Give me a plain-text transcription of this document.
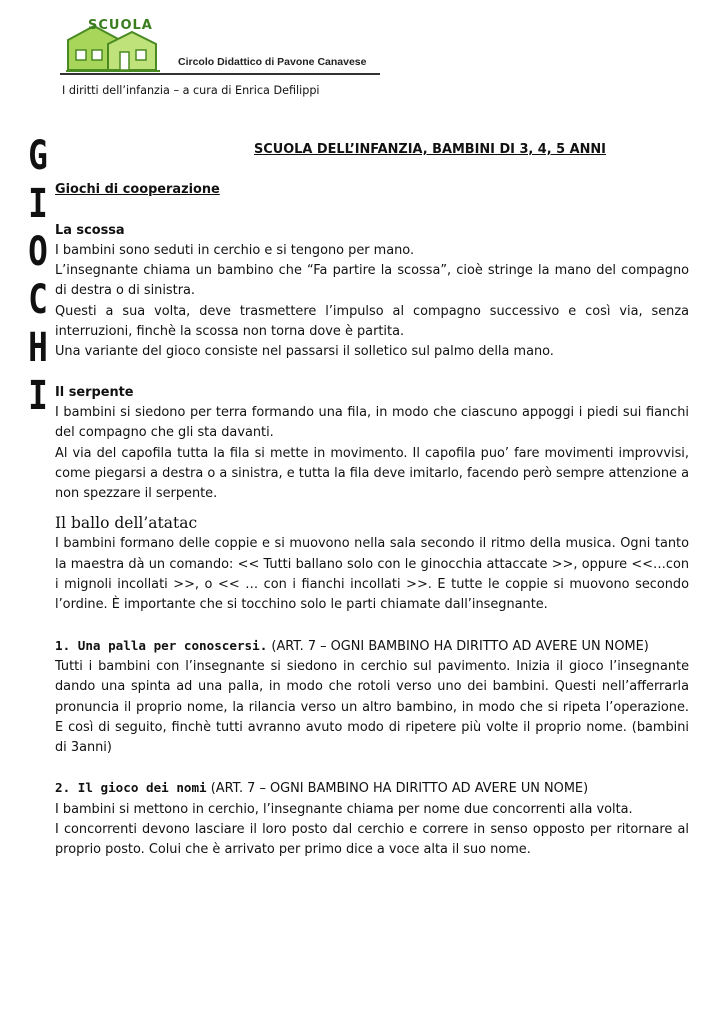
SCUOLA
Circolo Didattico di Pavone Canavese
I diritti dell’infanzia – a cura di Enrica Defilippi
G
I
O
C
H
I
SCUOLA DELL’INFANZIA, BAMBINI DI 3, 4, 5 ANNI
Giochi di cooperazione
La scossa

I bambini sono seduti in cerchio e si tengono per mano.

L’insegnante chiama un bambino che “Fa partire la scossa”, cioè stringe la mano del compagno di destra o di sinistra.

Questi a sua volta, deve trasmettere l’impulso al compagno successivo e così via, senza interruzioni, finchè la scossa non torna dove è partita.

Una variante del gioco consiste nel passarsi il solletico sul palmo della mano.

Il serpente

I bambini si siedono per terra formando una fila, in modo che ciascuno appoggi i piedi sui fianchi del compagno che gli sta davanti.

Al via del capofila tutta la fila si mette in movimento. Il capofila puo’ fare movimenti improvvisi, come piegarsi a destra o a sinistra, e tutta la fila deve imitarlo, facendo però sempre attenzione a non spezzare il serpente.

Il ballo dell’atatac

I bambini formano delle coppie e si muovono nella sala secondo il ritmo della musica. Ogni tanto la maestra dà un comando: << Tutti ballano solo con le ginocchia attaccate >>, oppure <<…con i mignoli incollati >>, o << … con i fianchi incollati >>. E tutte le coppie si muovono secondo l’ordine. È importante che si tocchino solo le parti chiamate dall’insegnante.

1. Una palla per conoscersi. (ART. 7 – OGNI BAMBINO HA DIRITTO AD AVERE UN NOME)

Tutti i bambini con l’insegnante si siedono in cerchio sul pavimento. Inizia il gioco l’insegnante dando una spinta ad una palla, in modo che rotoli verso uno dei bambini. Questi nell’afferrarla pronuncia il proprio nome, la rilancia verso un altro bambino, in modo che si ripeta l’operazione. E così di seguito, finchè tutti avranno avuto modo di ripetere più volte il proprio nome. (bambini di 3anni)

2. Il gioco dei nomi (ART. 7 – OGNI BAMBINO HA DIRITTO AD AVERE UN NOME)

I bambini si mettono in cerchio, l’insegnante chiama per nome due concorrenti alla volta.

I concorrenti devono lasciare il loro posto dal cerchio e correre in senso opposto per ritornare al proprio posto. Colui che è arrivato per primo dice a voce alta il suo nome.
